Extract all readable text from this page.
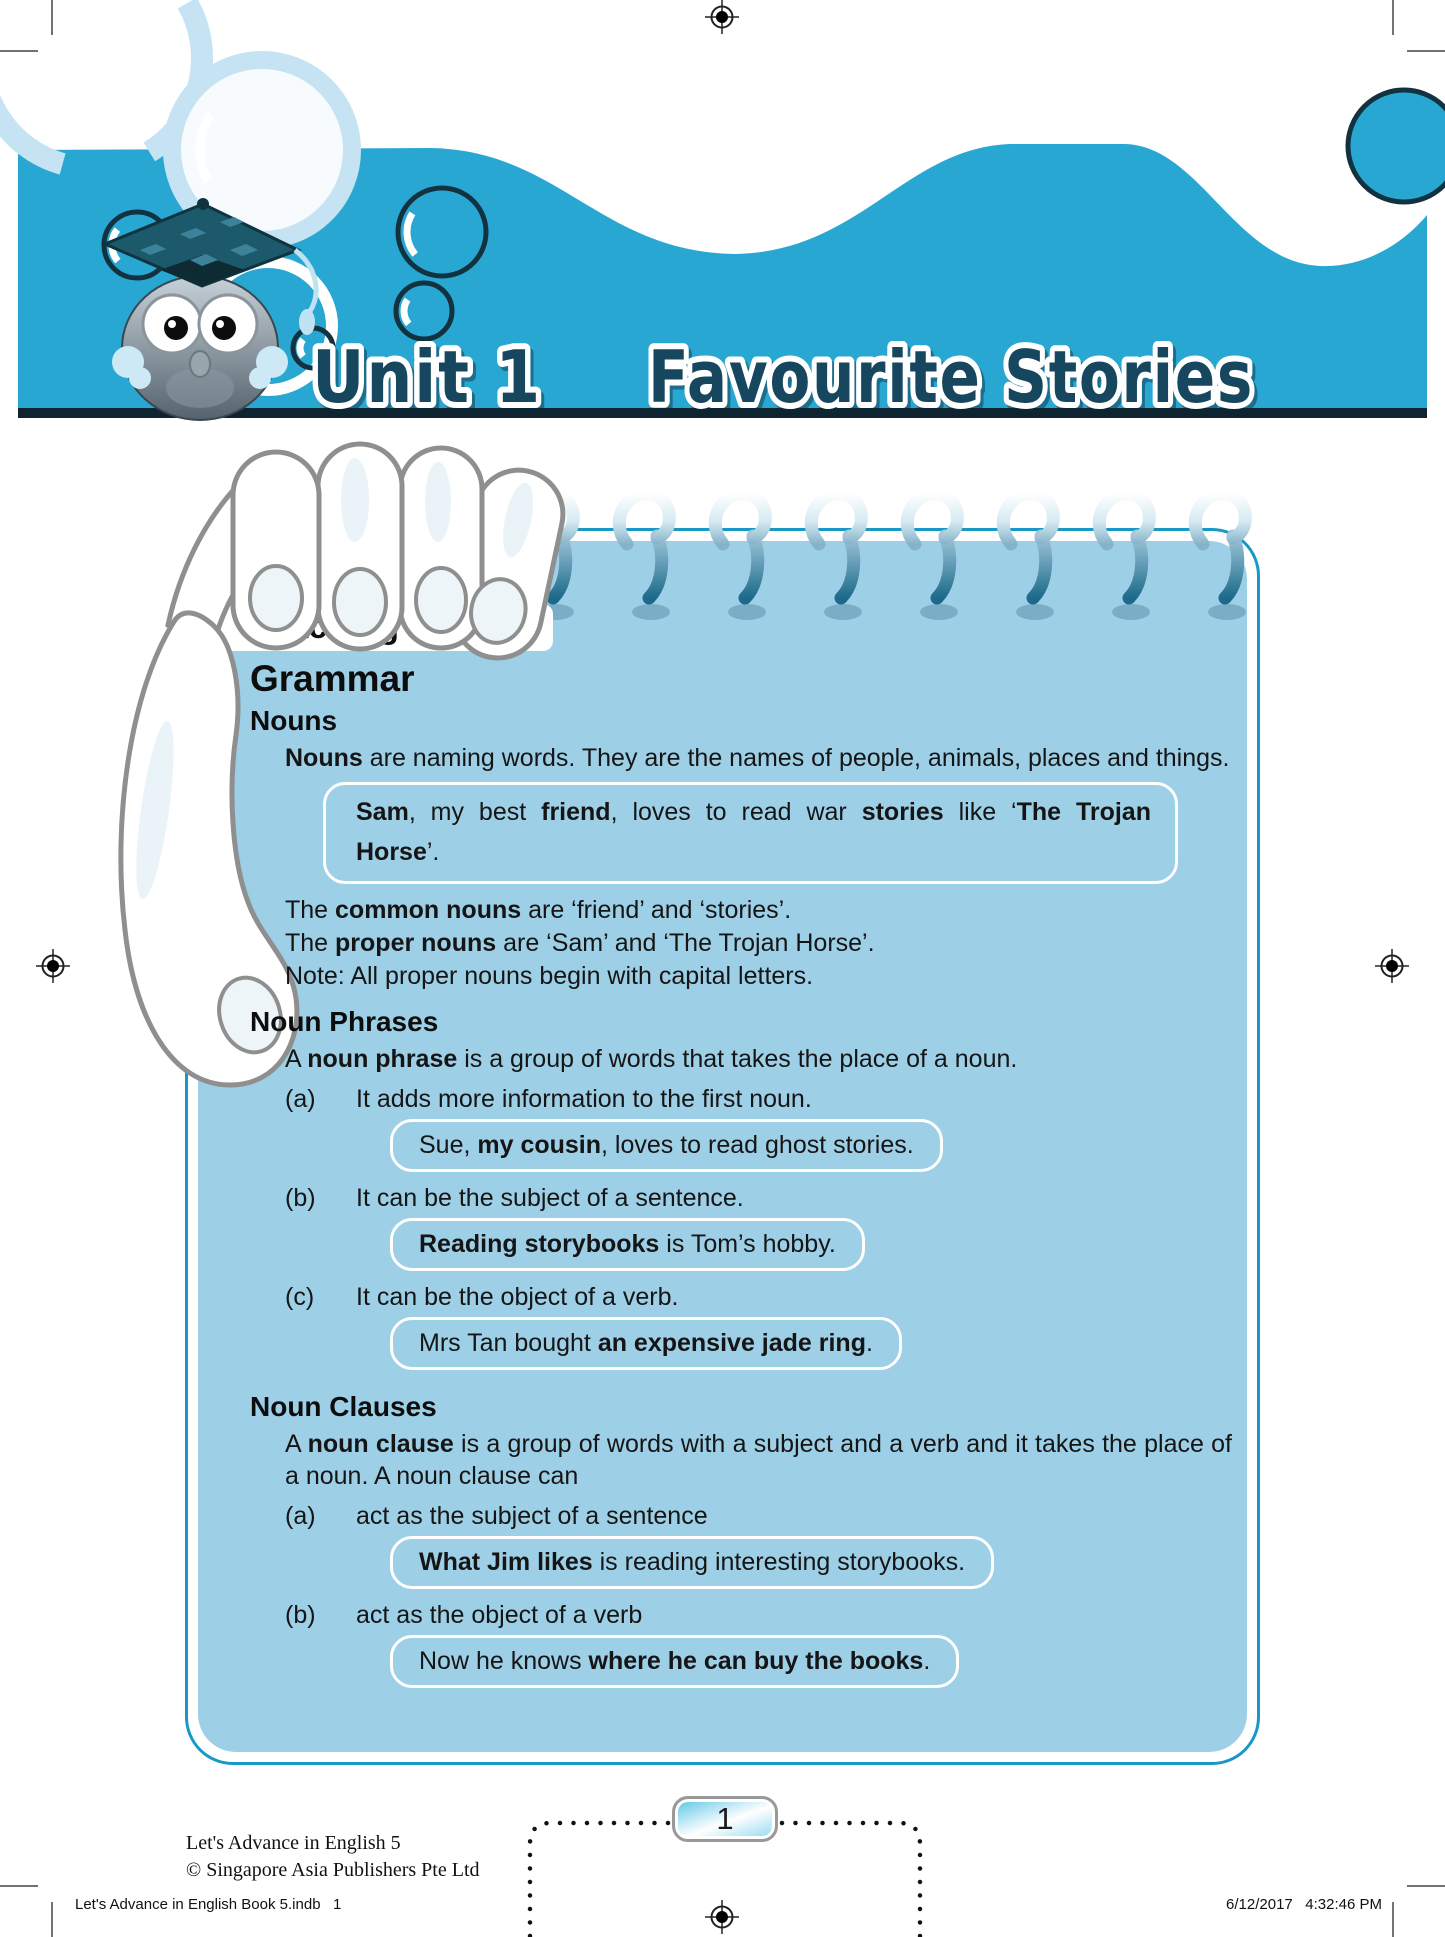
Unit 1 Favourite Stories
Grammar
Nouns

Nouns are naming words. They are the names of people, animals, places and things.

Sam, my best friend, loves to read war stories like ‘The Trojan Horse’.

The common nouns are ‘friend’ and ‘stories’.

The proper nouns are ‘Sam’ and ‘The Trojan Horse’.

Note: All proper nouns begin with capital letters.

Noun Phrases

A noun phrase is a group of words that takes the place of a noun.

(a) It adds more information to the first noun.
Sue, my cousin, loves to read ghost stories.
(b) It can be the subject of a sentence.
Reading storybooks is Tom’s hobby.
(c) It can be the object of a verb.
Mrs Tan bought an expensive jade ring.
Noun Clauses

A noun clause is a group of words with a subject and a verb and it takes the place of a noun. A noun clause can

(a) act as the subject of a sentence
What Jim likes is reading interesting storybooks.
(b) act as the object of a verb
Now he knows where he can buy the books.
Let's Advance in English 5
© Singapore Asia Publishers Pte Ltd
1
Let's Advance in English Book 5.indb   1	6/12/2017   4:32:46 PM
